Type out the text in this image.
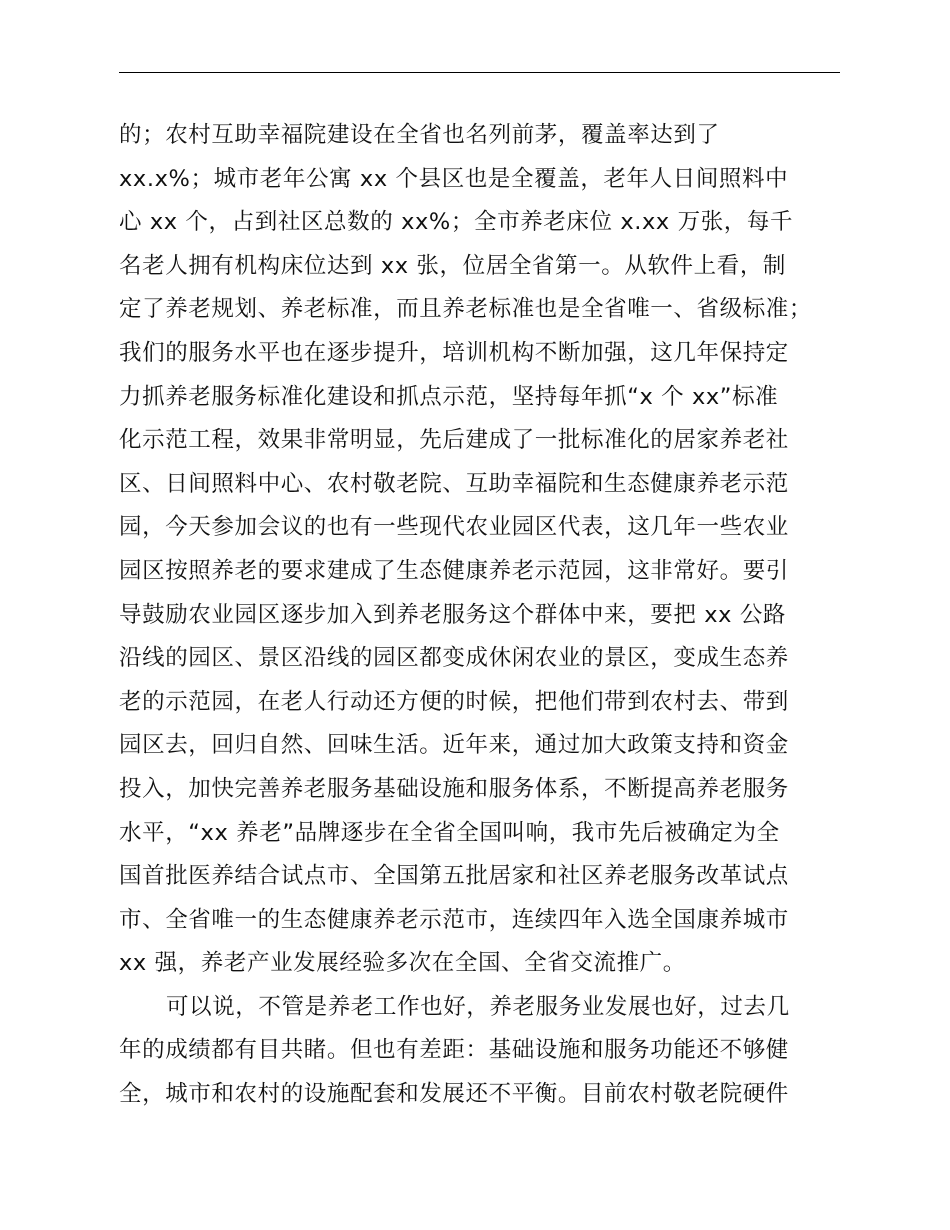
的；农村互助幸福院建设在全省也名列前茅，覆盖率达到了
xx.x%；城市老年公寓 xx 个县区也是全覆盖，老年人日间照料中
心 xx 个，占到社区总数的 xx%；全市养老床位 x.xx 万张，每千
名老人拥有机构床位达到 xx 张，位居全省第一。从软件上看，制
定了养老规划、养老标准，而且养老标准也是全省唯一、省级标准；
我们的服务水平也在逐步提升，培训机构不断加强，这几年保持定
力抓养老服务标准化建设和抓点示范，坚持每年抓“x 个 xx”标准
化示范工程，效果非常明显，先后建成了一批标准化的居家养老社
区、日间照料中心、农村敬老院、互助幸福院和生态健康养老示范
园，今天参加会议的也有一些现代农业园区代表，这几年一些农业
园区按照养老的要求建成了生态健康养老示范园，这非常好。要引
导鼓励农业园区逐步加入到养老服务这个群体中来，要把 xx 公路
沿线的园区、景区沿线的园区都变成休闲农业的景区，变成生态养
老的示范园，在老人行动还方便的时候，把他们带到农村去、带到
园区去，回归自然、回味生活。近年来，通过加大政策支持和资金
投入，加快完善养老服务基础设施和服务体系，不断提高养老服务
水平，“xx 养老”品牌逐步在全省全国叫响，我市先后被确定为全
国首批医养结合试点市、全国第五批居家和社区养老服务改革试点
市、全省唯一的生态健康养老示范市，连续四年入选全国康养城市
xx 强，养老产业发展经验多次在全国、全省交流推广。
可以说，不管是养老工作也好，养老服务业发展也好，过去几
年的成绩都有目共睹。但也有差距：基础设施和服务功能还不够健
全，城市和农村的设施配套和发展还不平衡。目前农村敬老院硬件
